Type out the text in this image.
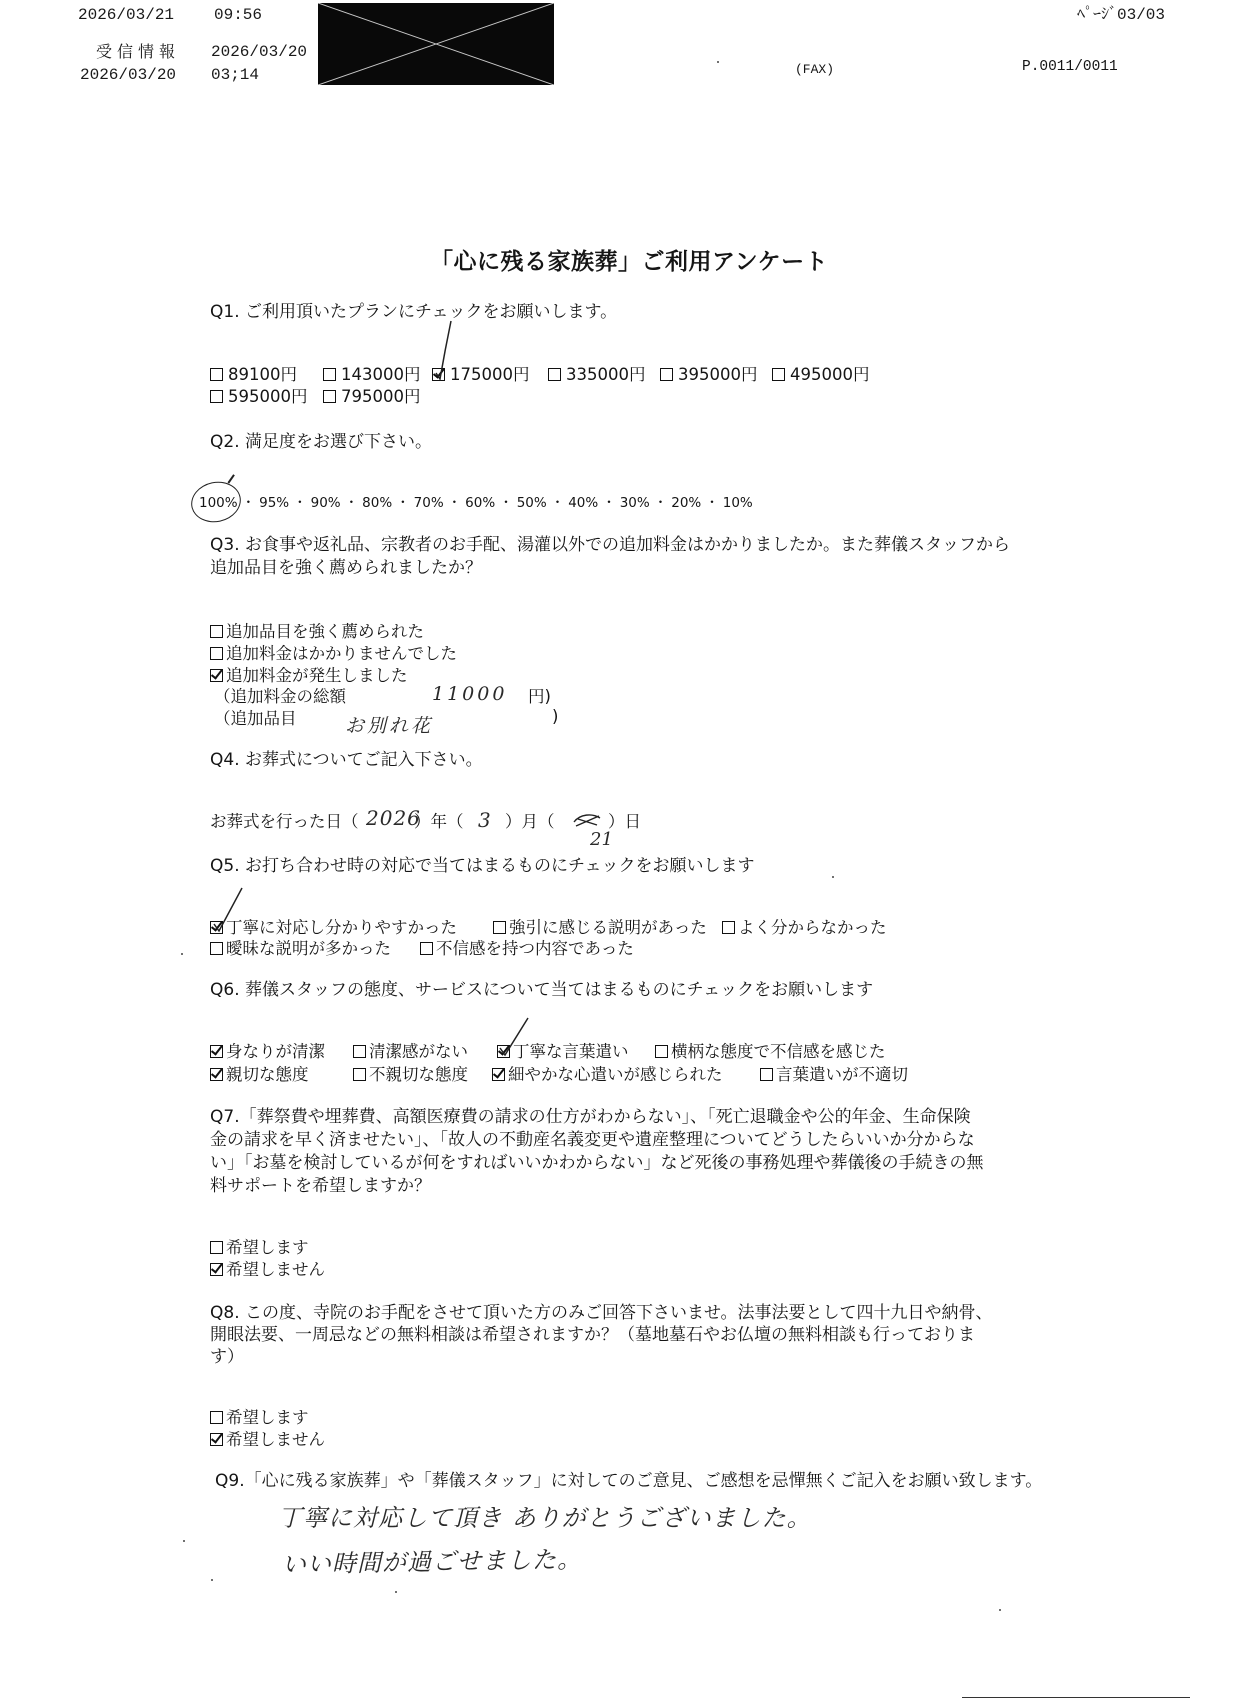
2026/03/21 09:56	ﾍﾟｰｼﾞ03/03
受信情報 2026/03/20
2026/03/20 03;14	(FAX)	P.0011/0011
「心に残る家族葬」ご利用アンケート
Q1. ご利用頂いたプランにチェックをお願いします。
89100円	143000円	175000円	335000円	395000円	495000円
595000円	795000円
Q2. 満足度をお選び下さい。
100% ・ 95% ・ 90% ・ 80% ・ 70% ・ 60% ・ 50% ・ 40% ・ 30% ・ 20% ・ 10%
Q3. お食事や返礼品、宗教者のお手配、湯灌以外での追加料金はかかりましたか。また葬儀スタッフから
追加品目を強く薦められましたか？
追加品目を強く薦められた
追加料金はかかりませんでした
追加料金が発生しました
（追加料金の総額	11000 円)
（追加品目	お別れ花	)
Q4. お葬式についてご記入下さい。
お葬式を行った日（ 2026
）年（ 3 ）月（
21
）日
Q5. お打ち合わせ時の対応で当てはまるものにチェックをお願いします
丁寧に対応し分かりやすかった	強引に感じる説明があった	よく分からなかった
曖昧な説明が多かった	不信感を持つ内容であった
Q6. 葬儀スタッフの態度、サービスについて当てはまるものにチェックをお願いします
身なりが清潔	清潔感がない	丁寧な言葉遣い	横柄な態度で不信感を感じた
親切な態度	不親切な態度	細やかな心遣いが感じられた	言葉遣いが不適切
Q7.「葬祭費や埋葬費、高額医療費の請求の仕方がわからない」、「死亡退職金や公的年金、生命保険
金の請求を早く済ませたい」、「故人の不動産名義変更や遺産整理についてどうしたらいいか分からな
い」「お墓を検討しているが何をすればいいかわからない」など死後の事務処理や葬儀後の手続きの無
料サポートを希望しますか？
希望します
希望しません
Q8. この度、寺院のお手配をさせて頂いた方のみご回答下さいませ。法事法要として四十九日や納骨、
開眼法要、一周忌などの無料相談は希望されますか？（墓地墓石やお仏壇の無料相談も行っておりま
す）
希望します
希望しません
Q9.「心に残る家族葬」や「葬儀スタッフ」に対してのご意見、ご感想を忌憚無くご記入をお願い致します。
丁寧に対応して頂き ありがとうございました。
いい時間が過ごせました。
